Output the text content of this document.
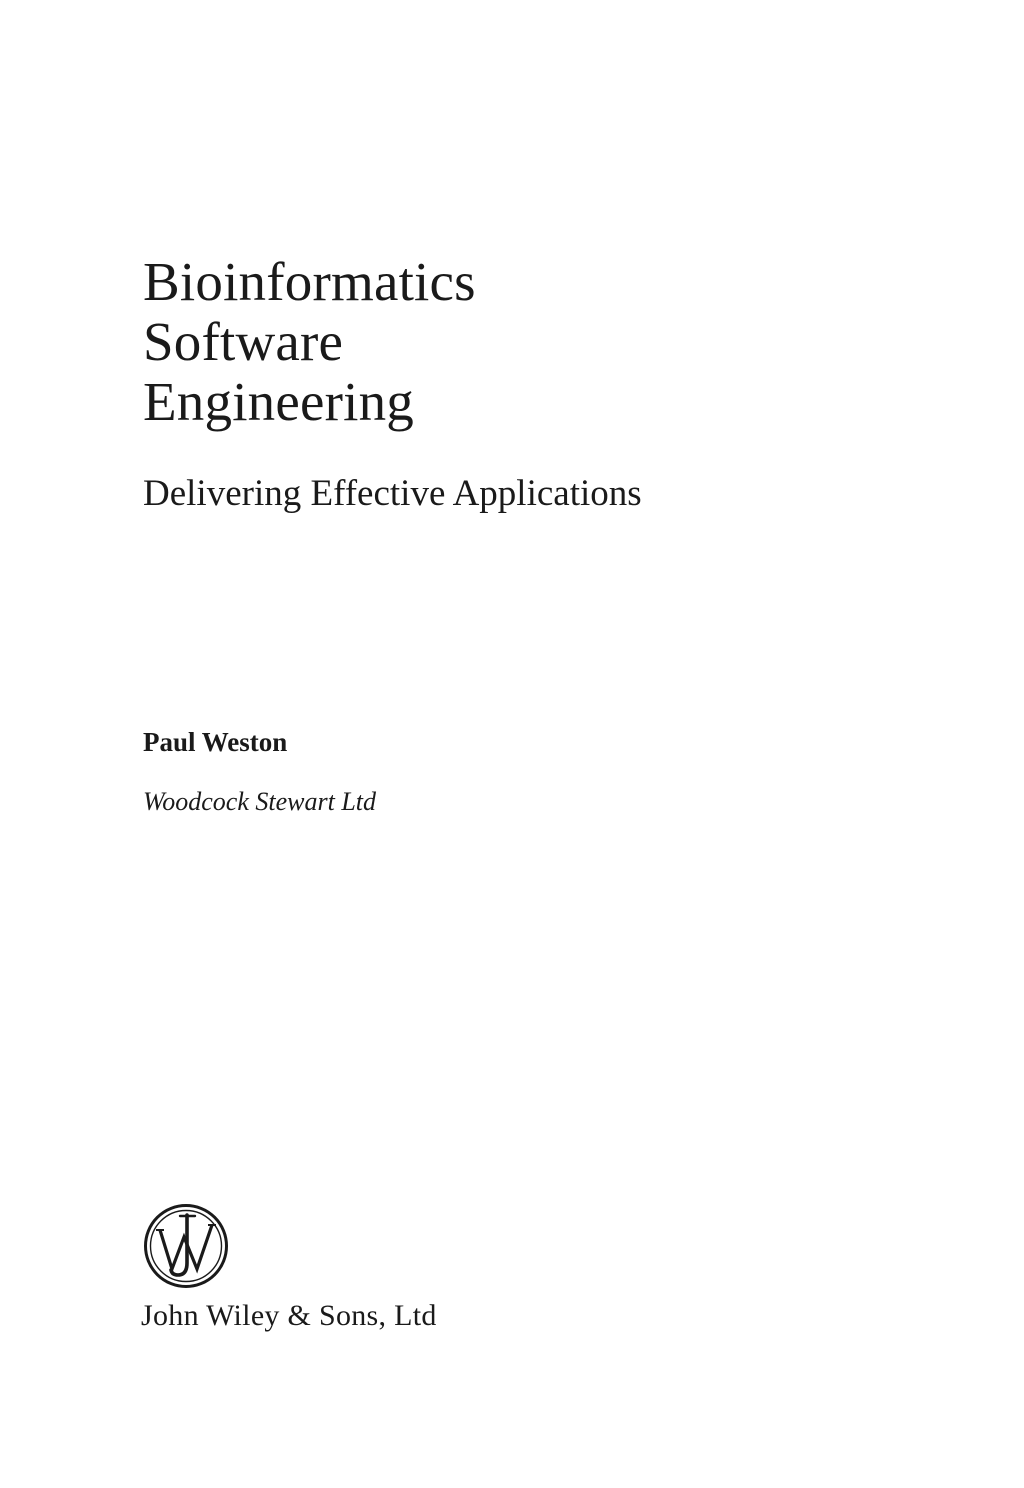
Bioinformatics
Software
Engineering
Delivering Effective Applications
Paul Weston
Woodcock Stewart Ltd
John Wiley & Sons, Ltd
